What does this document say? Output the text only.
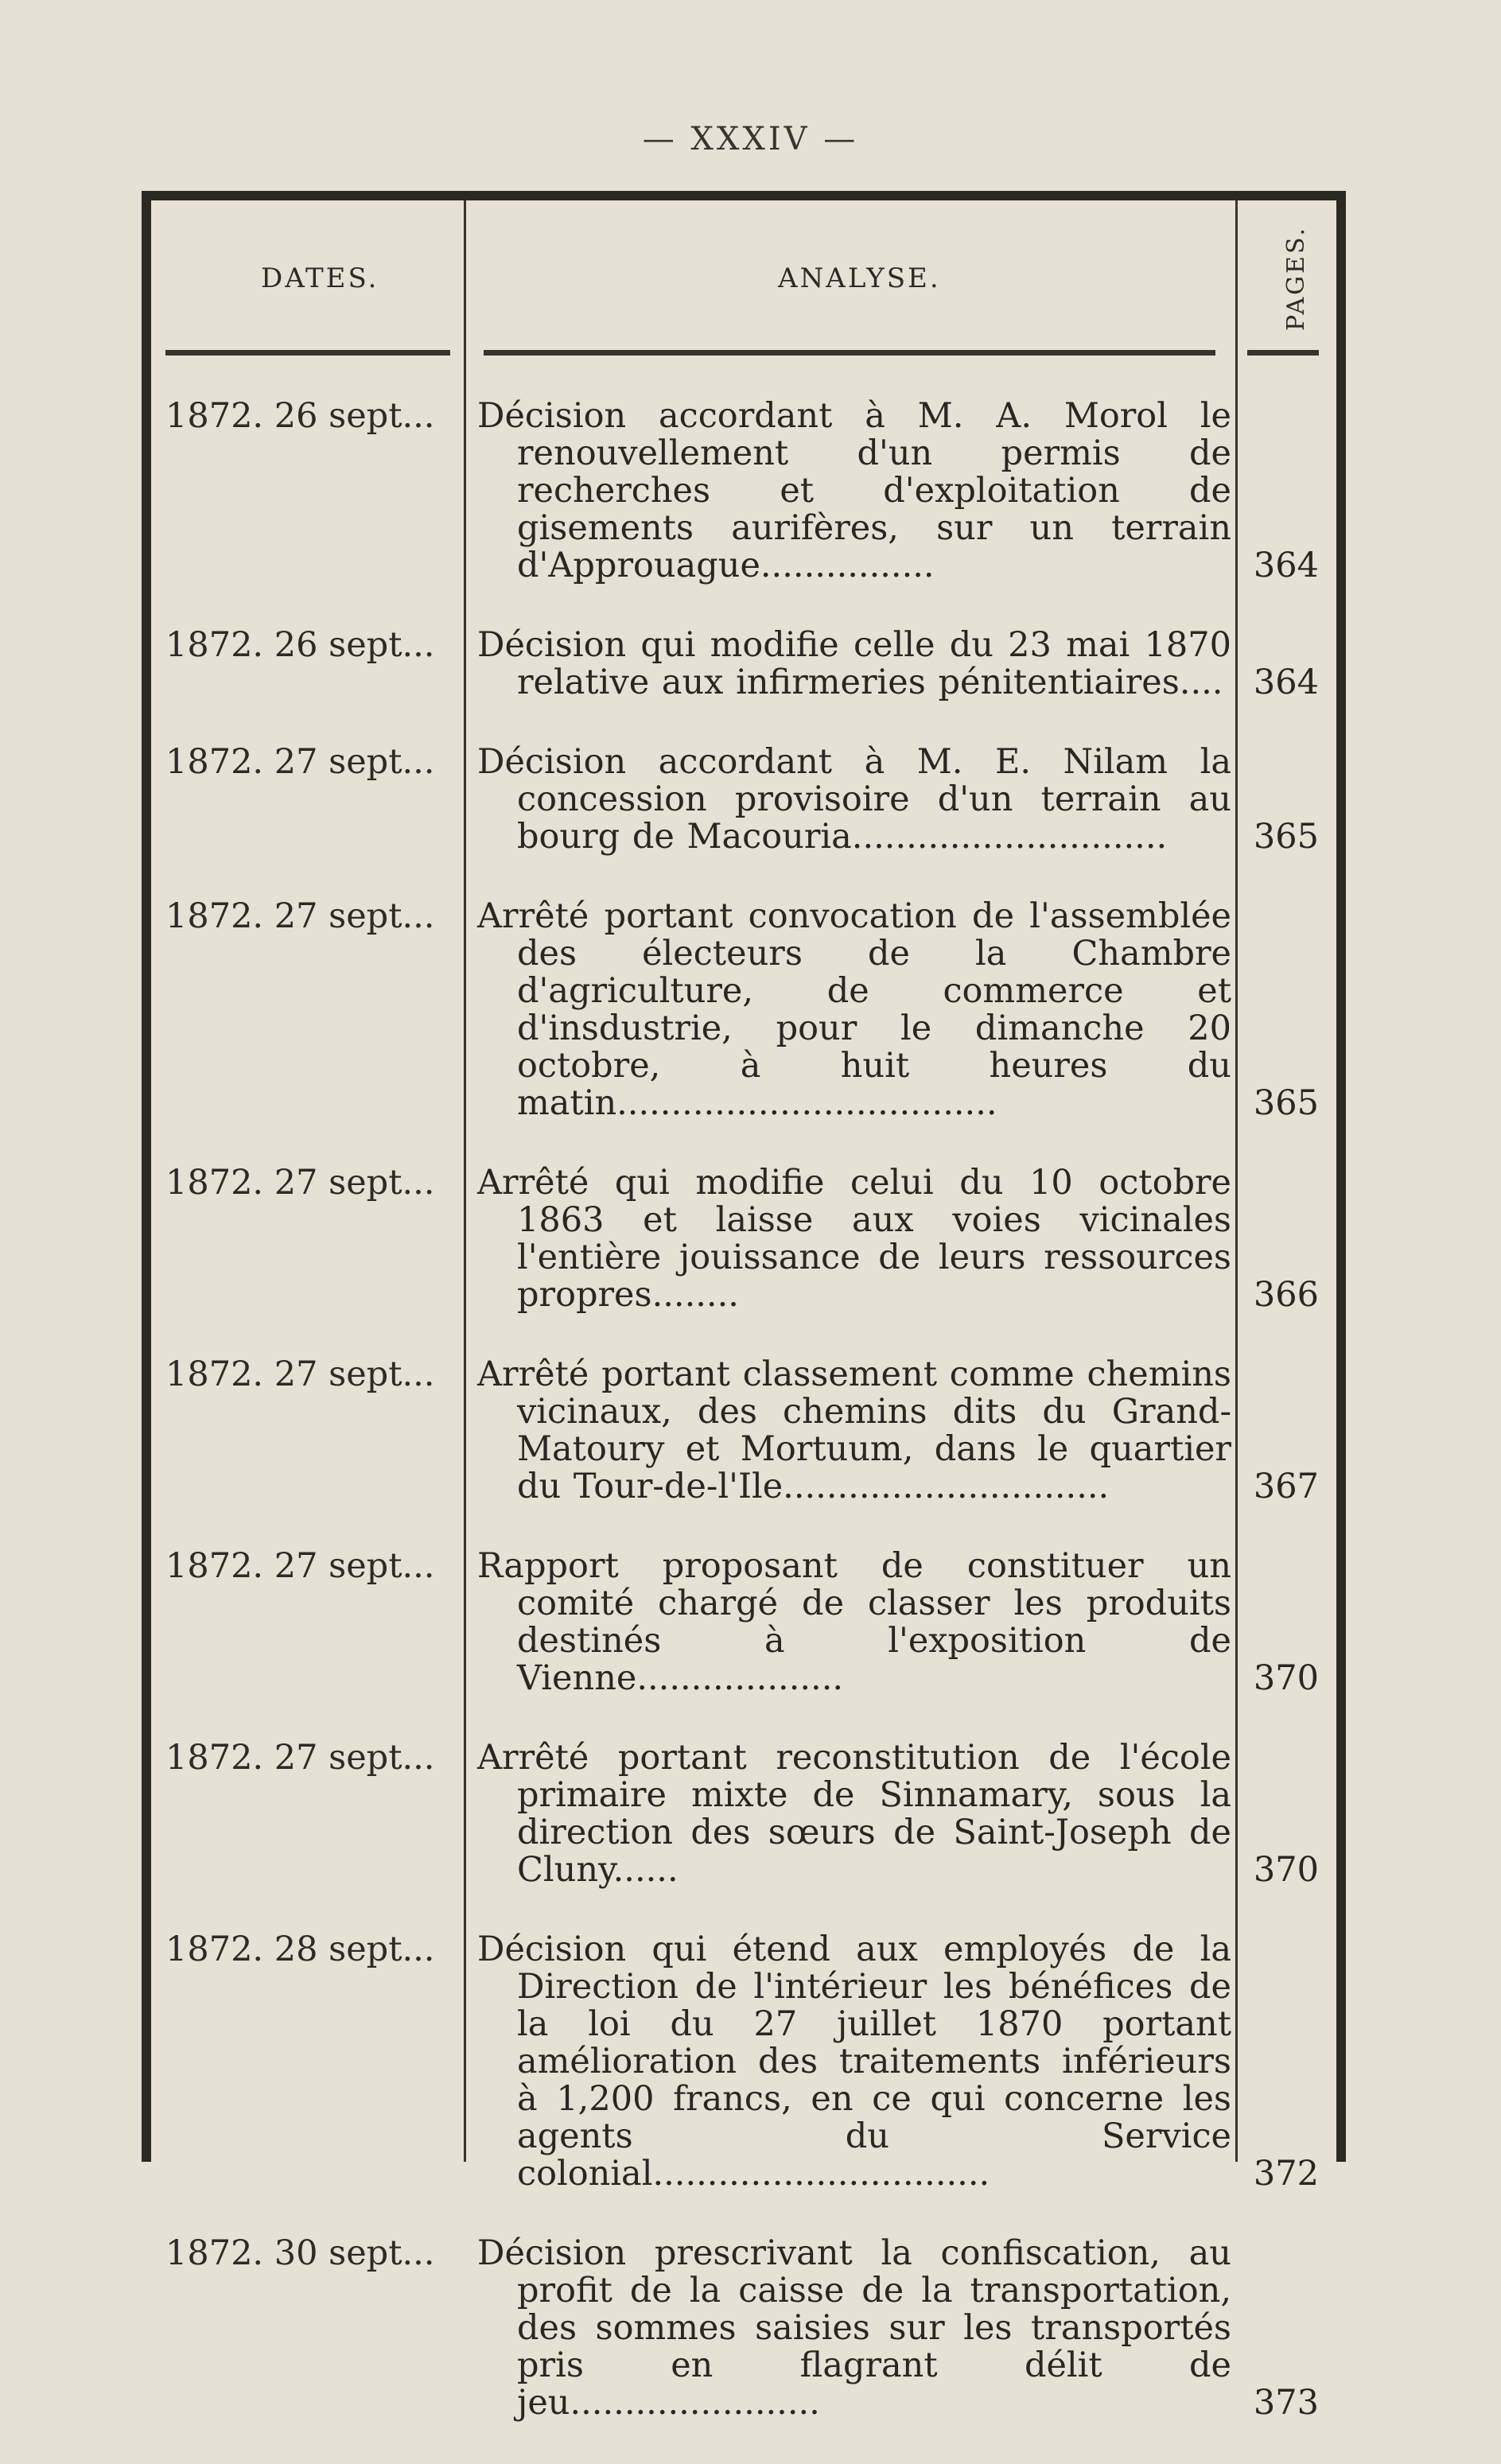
— XXXIV —
DATES.	ANALYSE.	PAGES.
1872. 26 sept...	Décision accordant à M. A. Morol le renouvellement d'un permis de recherches et d'exploitation de gisements aurifères, sur un terrain d'Approuague................	364
1872. 26 sept...	Décision qui modifie celle du 23 mai 1870 relative aux infirmeries pénitentiaires.... 364
1872. 27 sept...	Décision accordant à M. E. Nilam la concession provisoire d'un terrain au bourg de Macouria.............................	365
1872. 27 sept...	Arrêté portant convocation de l'assemblée des électeurs de la Chambre d'agriculture, de commerce et d'insdustrie, pour le dimanche 20 octobre, à huit heures du matin...................................	365
1872. 27 sept...	Arrêté qui modifie celui du 10 octobre 1863 et laisse aux voies vicinales l'entière jouissance de leurs ressources propres........	366
1872. 27 sept...	Arrêté portant classement comme chemins vicinaux, des chemins dits du Grand-Matoury et Mortuum, dans le quartier du Tour-de-l'Ile..............................	367
1872. 27 sept...	Rapport proposant de constituer un comité chargé de classer les produits destinés à l'exposition de Vienne...................	370
1872. 27 sept...	Arrêté portant reconstitution de l'école primaire mixte de Sinnamary, sous la direction des sœurs de Saint-Joseph de Cluny......	370
1872. 28 sept...	Décision qui étend aux employés de la Direction de l'intérieur les bénéfices de la loi du 27 juillet 1870 portant amélioration des traitements inférieurs à 1,200 francs, en ce qui concerne les agents du Service colonial...............................	372
1872. 30 sept...	Décision prescrivant la confiscation, au profit de la caisse de la transportation, des sommes saisies sur les transportés pris en flagrant délit de jeu.......................	373
